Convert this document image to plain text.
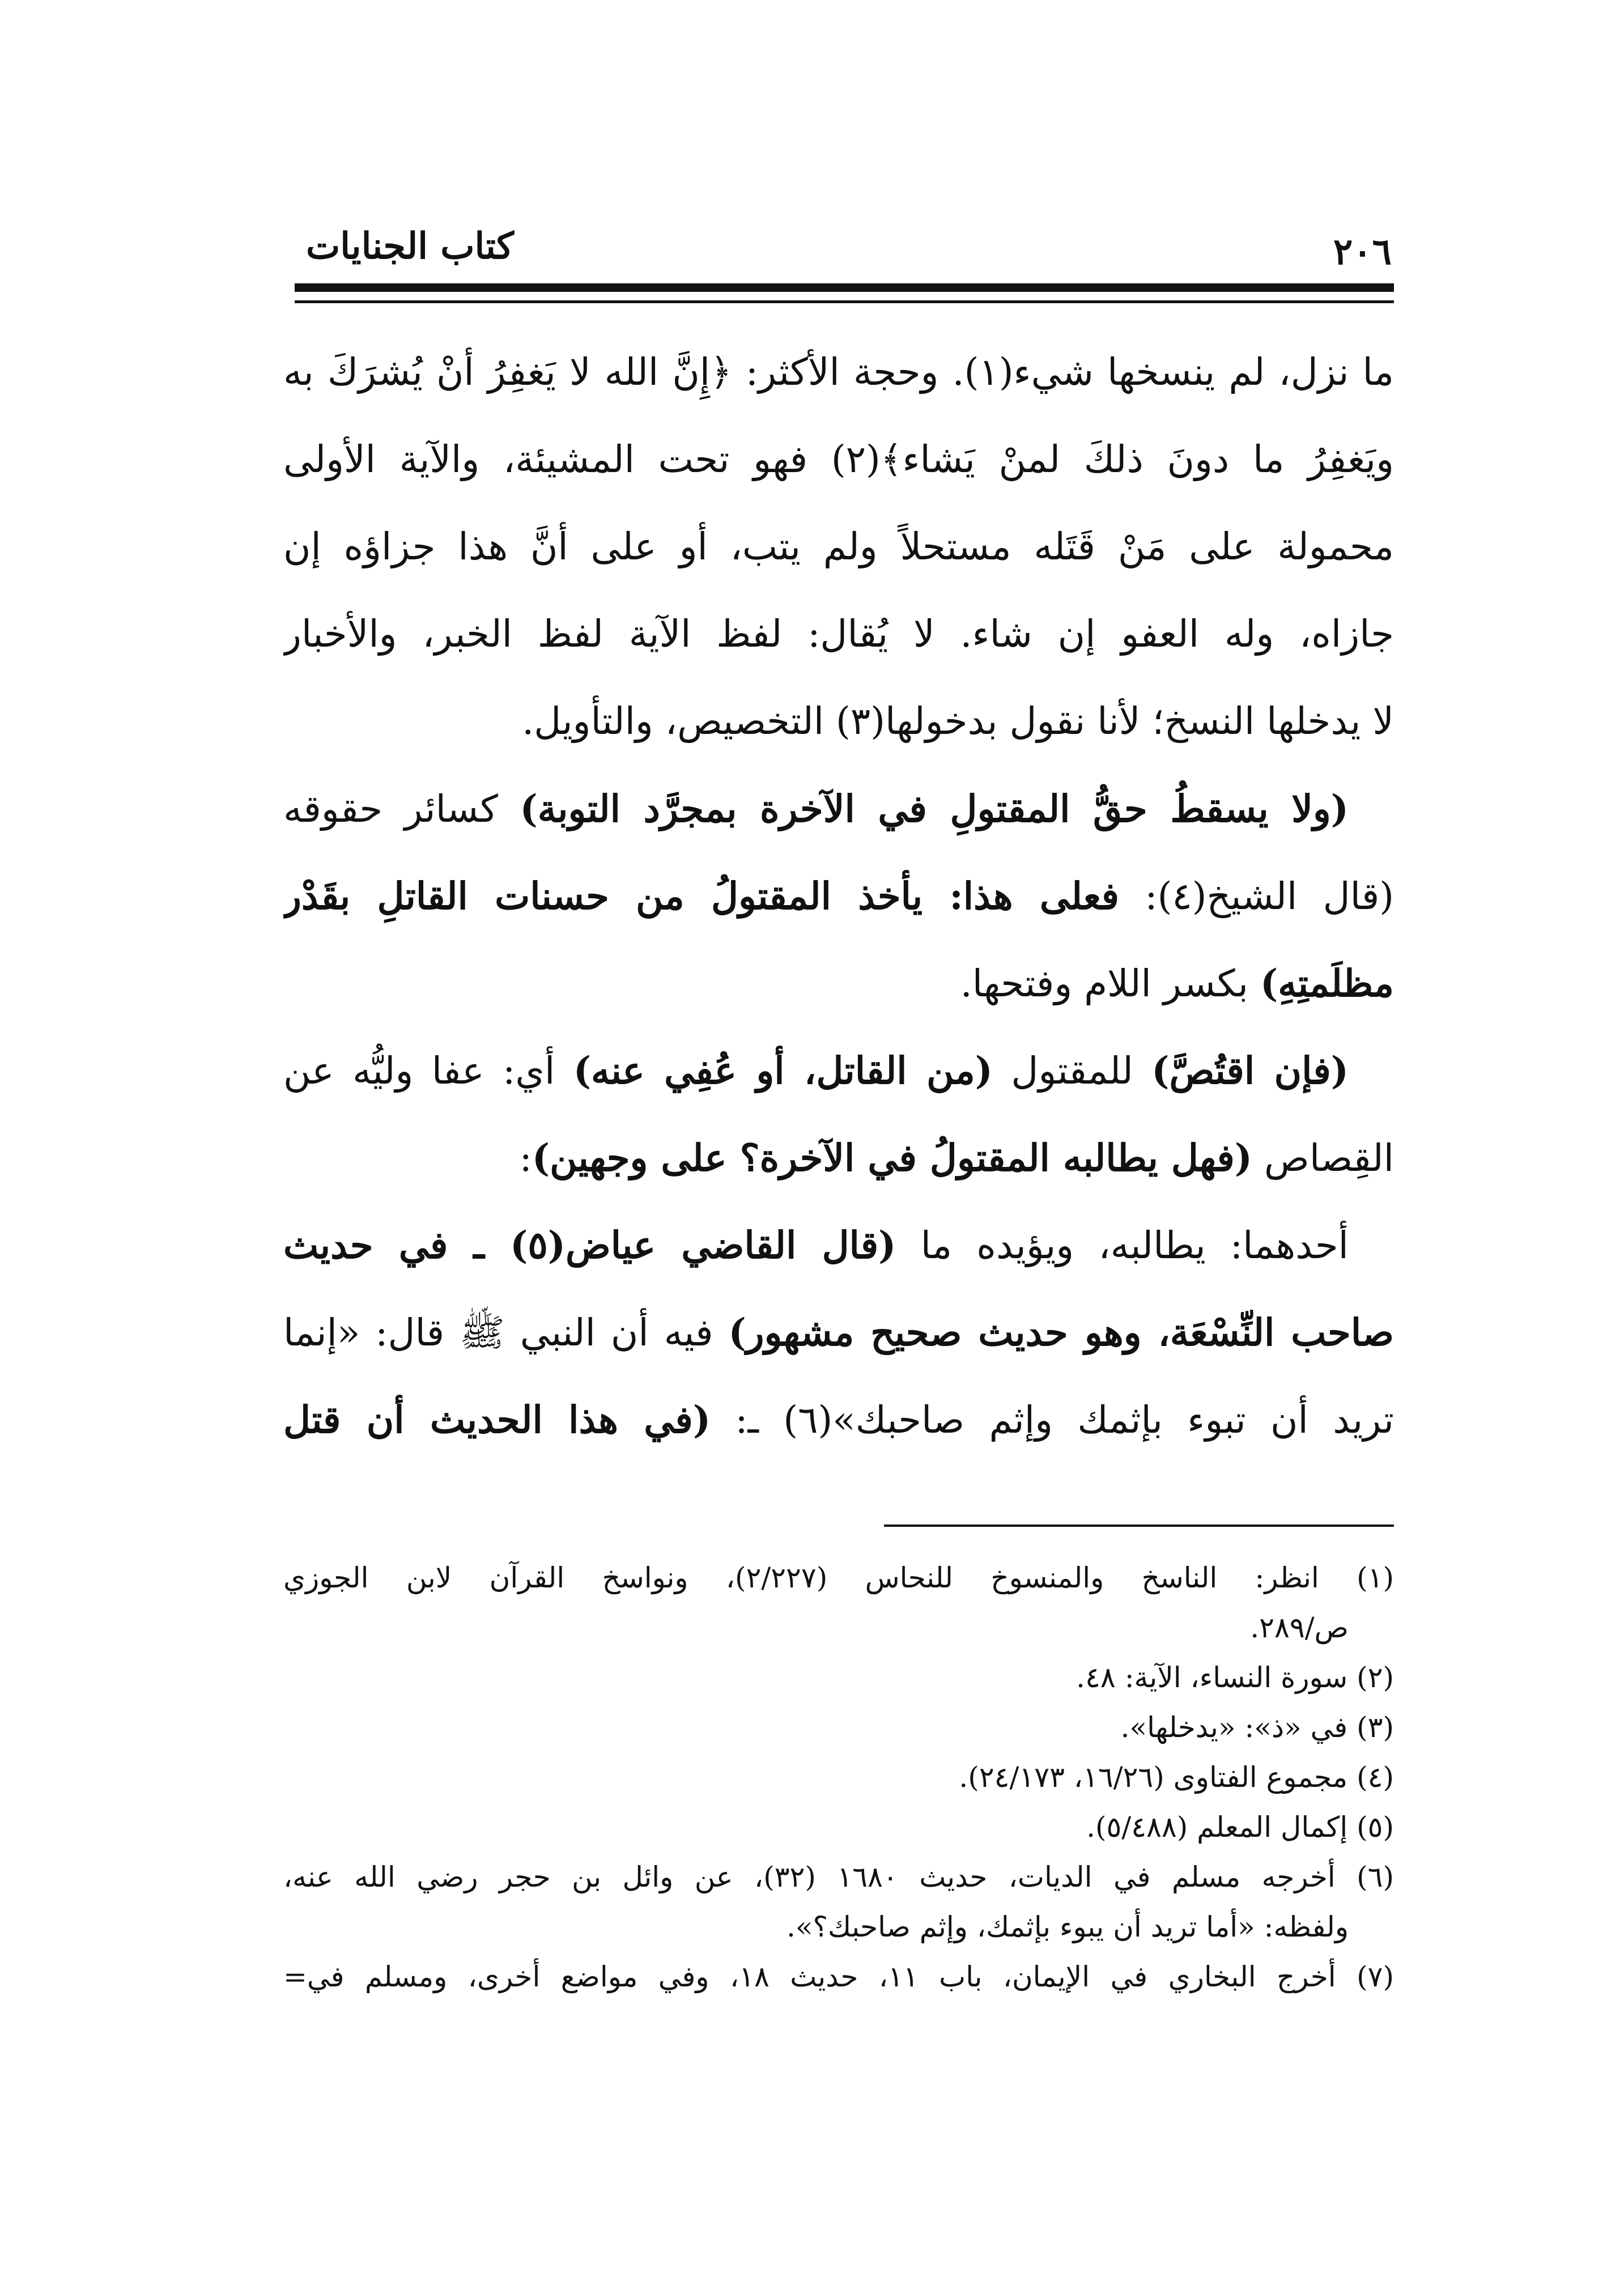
كتاب الجنايات	٢٠٦
ما نزل، لم ينسخها شيء(١). وحجة الأكثر: ﴿إِنَّ الله لا يَغفِرُ أنْ يُشرَكَ به
ويَغفِرُ ما دونَ ذلكَ لمنْ يَشاء﴾(٢) فهو تحت المشيئة، والآية الأولى
محمولة على مَنْ قَتَله مستحلاً ولم يتب، أو على أنَّ هذا جزاؤه إن
جازاه، وله العفو إن شاء. لا يُقال: لفظ الآية لفظ الخبر، والأخبار
لا يدخلها النسخ؛ لأنا نقول بدخولها(٣) التخصيص، والتأويل.
(ولا يسقطُ حقُّ المقتولِ في الآخرة بمجرَّد التوبة) كسائر حقوقه
(قال الشيخ(٤): فعلى هذا: يأخذ المقتولُ من حسنات القاتلِ بقَدْر
مظلَمتِهِ) بكسر اللام وفتحها.
(فإن اقتُصَّ) للمقتول (من القاتل، أو عُفِي عنه) أي: عفا وليُّه عن
القِصاص (فهل يطالبه المقتولُ في الآخرة؟ على وجهين):
أحدهما: يطالبه، ويؤيده ما (قال القاضي عياض(٥) ـ في حديث
صاحب النِّسْعَة، وهو حديث صحيح مشهور) فيه أن النبي ﷺ قال: «إنما
تريد أن تبوء بإثمك وإثم صاحبك»(٦) ـ: (في هذا الحديث أن قتل
(١) انظر: الناسخ والمنسوخ للنحاس (٢/٢٢٧)، ونواسخ القرآن لابن الجوزي
ص/٢٨٩.
(٢) سورة النساء، الآية: ٤٨.
(٣) في «ذ»: «يدخلها».
(٤) مجموع الفتاوى (١٦/٢٦، ٢٤/١٧٣).
(٥) إكمال المعلم (٥/٤٨٨).
(٦) أخرجه مسلم في الديات، حديث ١٦٨٠ (٣٢)، عن وائل بن حجر رضي الله عنه،
ولفظه: «أما تريد أن يبوء بإثمك، وإثم صاحبك؟».
(٧) أخرج البخاري في الإيمان، باب ١١، حديث ١٨، وفي مواضع أخرى، ومسلم في=
